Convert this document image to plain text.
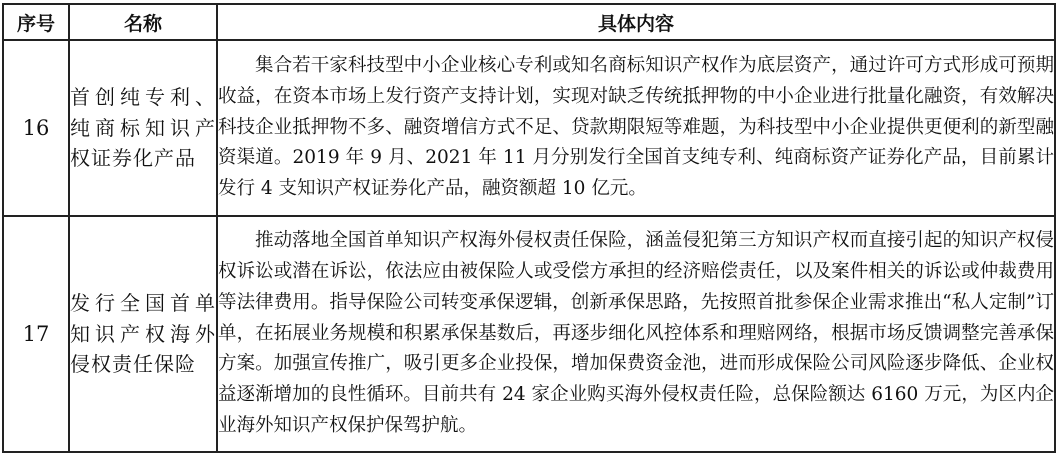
序号	名称	具体内容
16	首创纯专利、纯商标知识产权证券化产品	集合若干家科技型中小企业核心专利或知名商标知识产权作为底层资产，通过许可方式形成可预期收益，在资本市场上发行资产支持计划，实现对缺乏传统抵押物的中小企业进行批量化融资，有效解决科技企业抵押物不多、融资增信方式不足、贷款期限短等难题，为科技型中小企业提供更便利的新型融资渠道。2019 年 9 月、2021 年 11 月分别发行全国首支纯专利、纯商标资产证券化产品，目前累计发行 4 支知识产权证券化产品，融资额超 10 亿元。

17	发行全国首单知识产权海外侵权责任保险	推动落地全国首单知识产权海外侵权责任保险，涵盖侵犯第三方知识产权而直接引起的知识产权侵权诉讼或潜在诉讼，依法应由被保险人或受偿方承担的经济赔偿责任，以及案件相关的诉讼或仲裁费用等法律费用。指导保险公司转变承保逻辑，创新承保思路，先按照首批参保企业需求推出“私人定制”订单，在拓展业务规模和积累承保基数后，再逐步细化风控体系和理赔网络，根据市场反馈调整完善承保方案。加强宣传推广，吸引更多企业投保，增加保费资金池，进而形成保险公司风险逐步降低、企业权益逐渐增加的良性循环。目前共有 24 家企业购买海外侵权责任险，总保险额达 6160 万元，为区内企业海外知识产权保护保驾护航。
